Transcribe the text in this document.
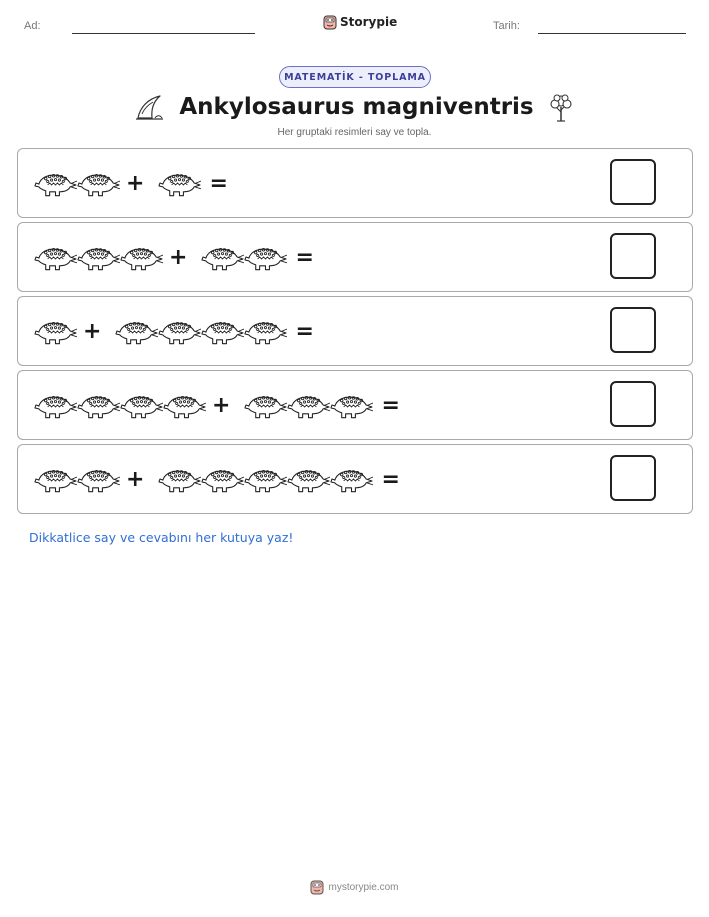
Ad:	Storypie	Tarih:
MATEMATİK - TOPLAMA
Ankylosaurus magniventris
Her gruptaki resimleri say ve topla.
+	=
+	=
+	=
+	=
+	=
Dikkatlice say ve cevabını her kutuya yaz!
mystorypie.com
